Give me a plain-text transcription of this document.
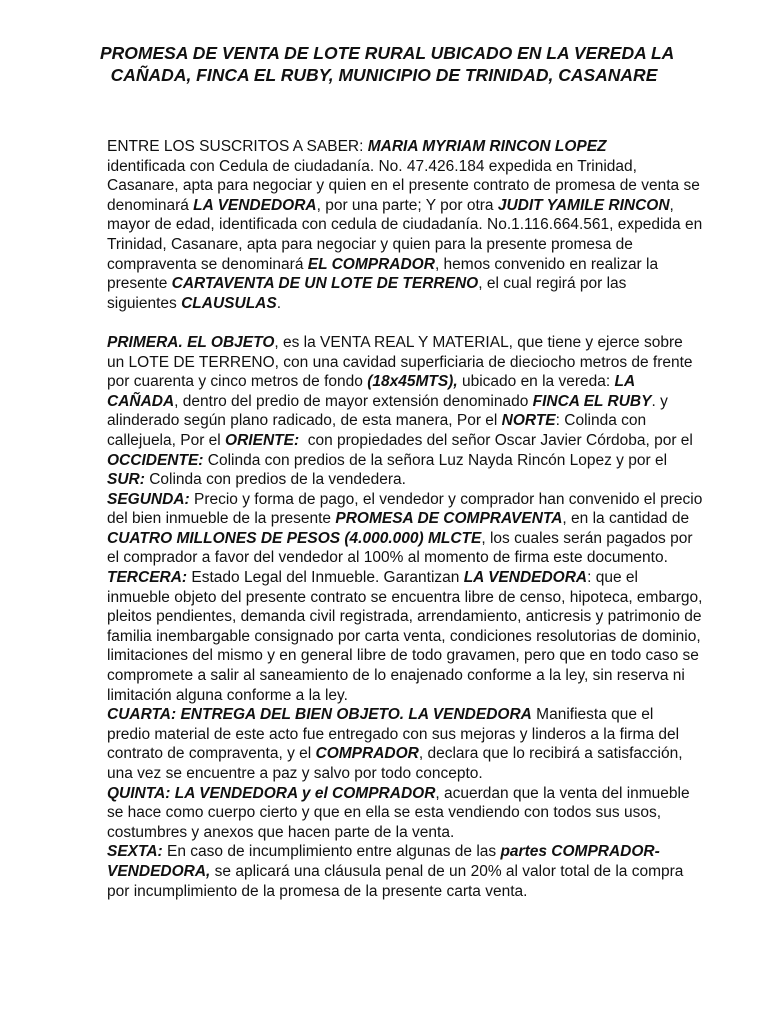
PROMESA DE VENTA DE LOTE RURAL UBICADO EN LA VEREDA LA
CAÑADA, FINCA EL RUBY, MUNICIPIO DE TRINIDAD, CASANARE
ENTRE LOS SUSCRITOS A SABER: MARIA MYRIAM RINCON LOPEZ
identificada con Cedula de ciudadanía. No. 47.426.184 expedida en Trinidad,
Casanare, apta para negociar y quien en el presente contrato de promesa de venta se
denominará LA VENDEDORA, por una parte; Y por otra JUDIT YAMILE RINCON,
mayor de edad, identificada con cedula de ciudadanía. No.1.116.664.561, expedida en
Trinidad, Casanare, apta para negociar y quien para la presente promesa de
compraventa se denominará EL COMPRADOR, hemos convenido en realizar la
presente CARTAVENTA DE UN LOTE DE TERRENO, el cual regirá por las
siguientes CLAUSULAS.
PRIMERA. EL OBJETO, es la VENTA REAL Y MATERIAL, que tiene y ejerce sobre
un LOTE DE TERRENO, con una cavidad superficiaria de dieciocho metros de frente
por cuarenta y cinco metros de fondo (18x45MTS), ubicado en la vereda: LA
CAÑADA, dentro del predio de mayor extensión denominado FINCA EL RUBY. y
alinderado según plano radicado, de esta manera, Por el NORTE: Colinda con
callejuela, Por el ORIENTE:  con propiedades del señor Oscar Javier Córdoba, por el
OCCIDENTE: Colinda con predios de la señora Luz Nayda Rincón Lopez y por el
SUR: Colinda con predios de la vendedera.
SEGUNDA: Precio y forma de pago, el vendedor y comprador han convenido el precio
del bien inmueble de la presente PROMESA DE COMPRAVENTA, en la cantidad de
CUATRO MILLONES DE PESOS (4.000.000) MLCTE, los cuales serán pagados por
el comprador a favor del vendedor al 100% al momento de firma este documento.
TERCERA: Estado Legal del Inmueble. Garantizan LA VENDEDORA: que el
inmueble objeto del presente contrato se encuentra libre de censo, hipoteca, embargo,
pleitos pendientes, demanda civil registrada, arrendamiento, anticresis y patrimonio de
familia inembargable consignado por carta venta, condiciones resolutorias de dominio,
limitaciones del mismo y en general libre de todo gravamen, pero que en todo caso se
compromete a salir al saneamiento de lo enajenado conforme a la ley, sin reserva ni
limitación alguna conforme a la ley.
CUARTA: ENTREGA DEL BIEN OBJETO. LA VENDEDORA Manifiesta que el
predio material de este acto fue entregado con sus mejoras y linderos a la firma del
contrato de compraventa, y el COMPRADOR, declara que lo recibirá a satisfacción,
una vez se encuentre a paz y salvo por todo concepto.
QUINTA: LA VENDEDORA y el COMPRADOR, acuerdan que la venta del inmueble
se hace como cuerpo cierto y que en ella se esta vendiendo con todos sus usos,
costumbres y anexos que hacen parte de la venta.
SEXTA: En caso de incumplimiento entre algunas de las partes COMPRADOR-
VENDEDORA, se aplicará una cláusula penal de un 20% al valor total de la compra
por incumplimiento de la promesa de la presente carta venta.
